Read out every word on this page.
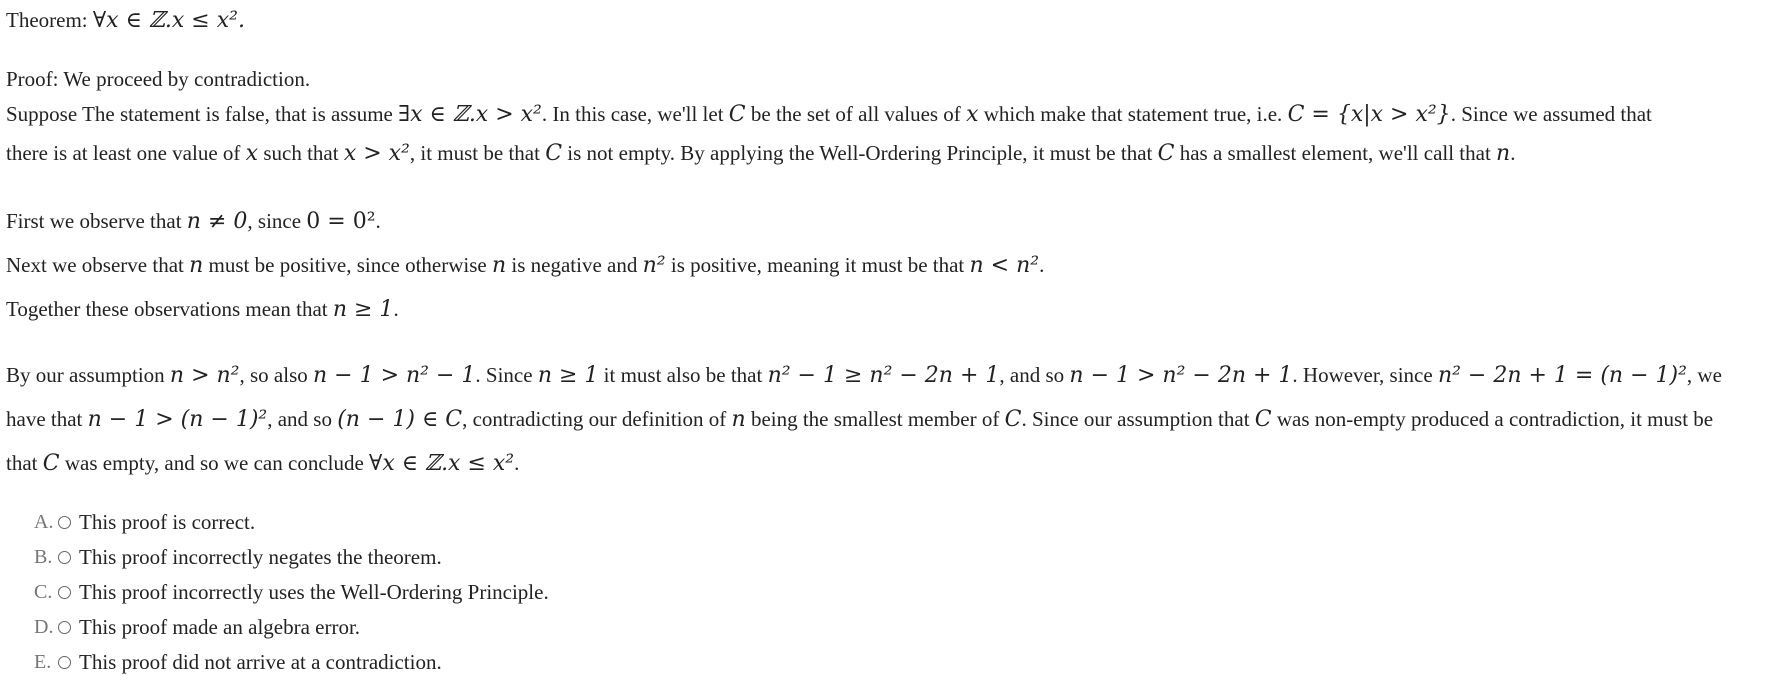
Theorem: ∀x ∈ ℤ.x ≤ x².
Proof: We proceed by contradiction.
Suppose The statement is false, that is assume ∃x ∈ ℤ.x > x². In this case, we'll let C be the set of all values of x which make that statement true, i.e. C = {x|x > x²}. Since we assumed that
there is at least one value of x such that x > x², it must be that C is not empty. By applying the Well-Ordering Principle, it must be that C has a smallest element, we'll call that n.
First we observe that n ≠ 0, since 0 = 0².
Next we observe that n must be positive, since otherwise n is negative and n² is positive, meaning it must be that n < n².
Together these observations mean that n ≥ 1.
By our assumption n > n², so also n − 1 > n² − 1. Since n ≥ 1 it must also be that n² − 1 ≥ n² − 2n + 1, and so n − 1 > n² − 2n + 1. However, since n² − 2n + 1 = (n − 1)², we
have that n − 1 > (n − 1)², and so (n − 1) ∈ C, contradicting our definition of n being the smallest member of C. Since our assumption that C was non-empty produced a contradiction, it must be
that C was empty, and so we can conclude ∀x ∈ ℤ.x ≤ x².
A. This proof is correct.
B. This proof incorrectly negates the theorem.
C. This proof incorrectly uses the Well-Ordering Principle.
D. This proof made an algebra error.
E.	This proof did not arrive at a contradiction.
